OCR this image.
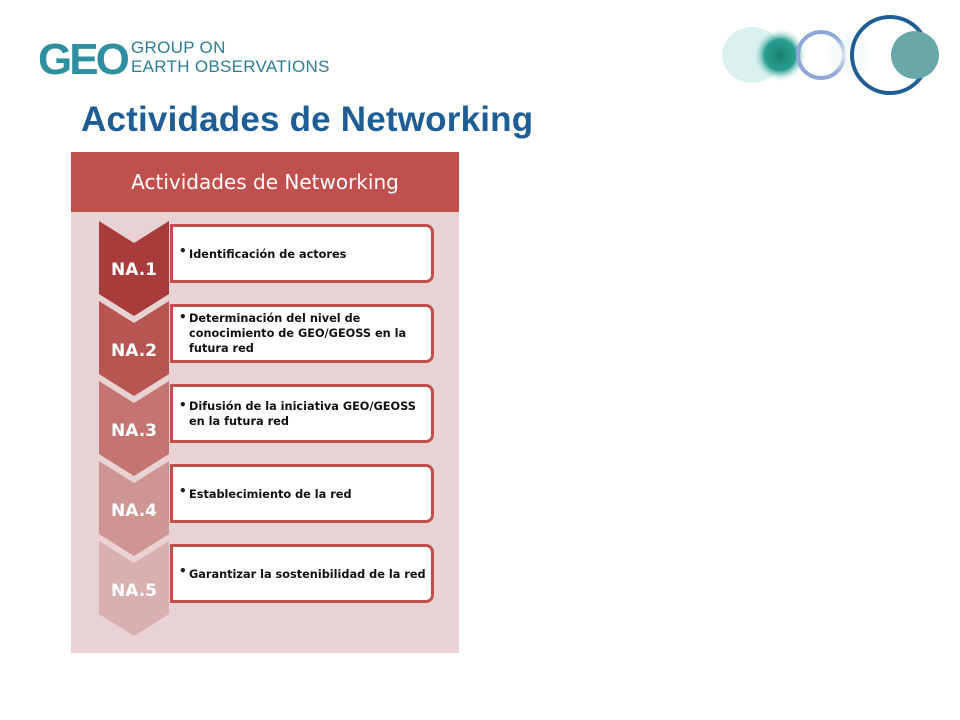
GEO GROUP ON
EARTH OBSERVATIONS
Actividades de Networking
Actividades de Networking
• Identificación de actores
NA.1
• Determinación del nivel de
conocimiento de GEO/GEOSS en la
futura red
NA.2
• Difusión de la iniciativa GEO/GEOSS
en la futura red
NA.3
• Establecimiento de la red
NA.4
• Garantizar la sostenibilidad de la red
NA.5
